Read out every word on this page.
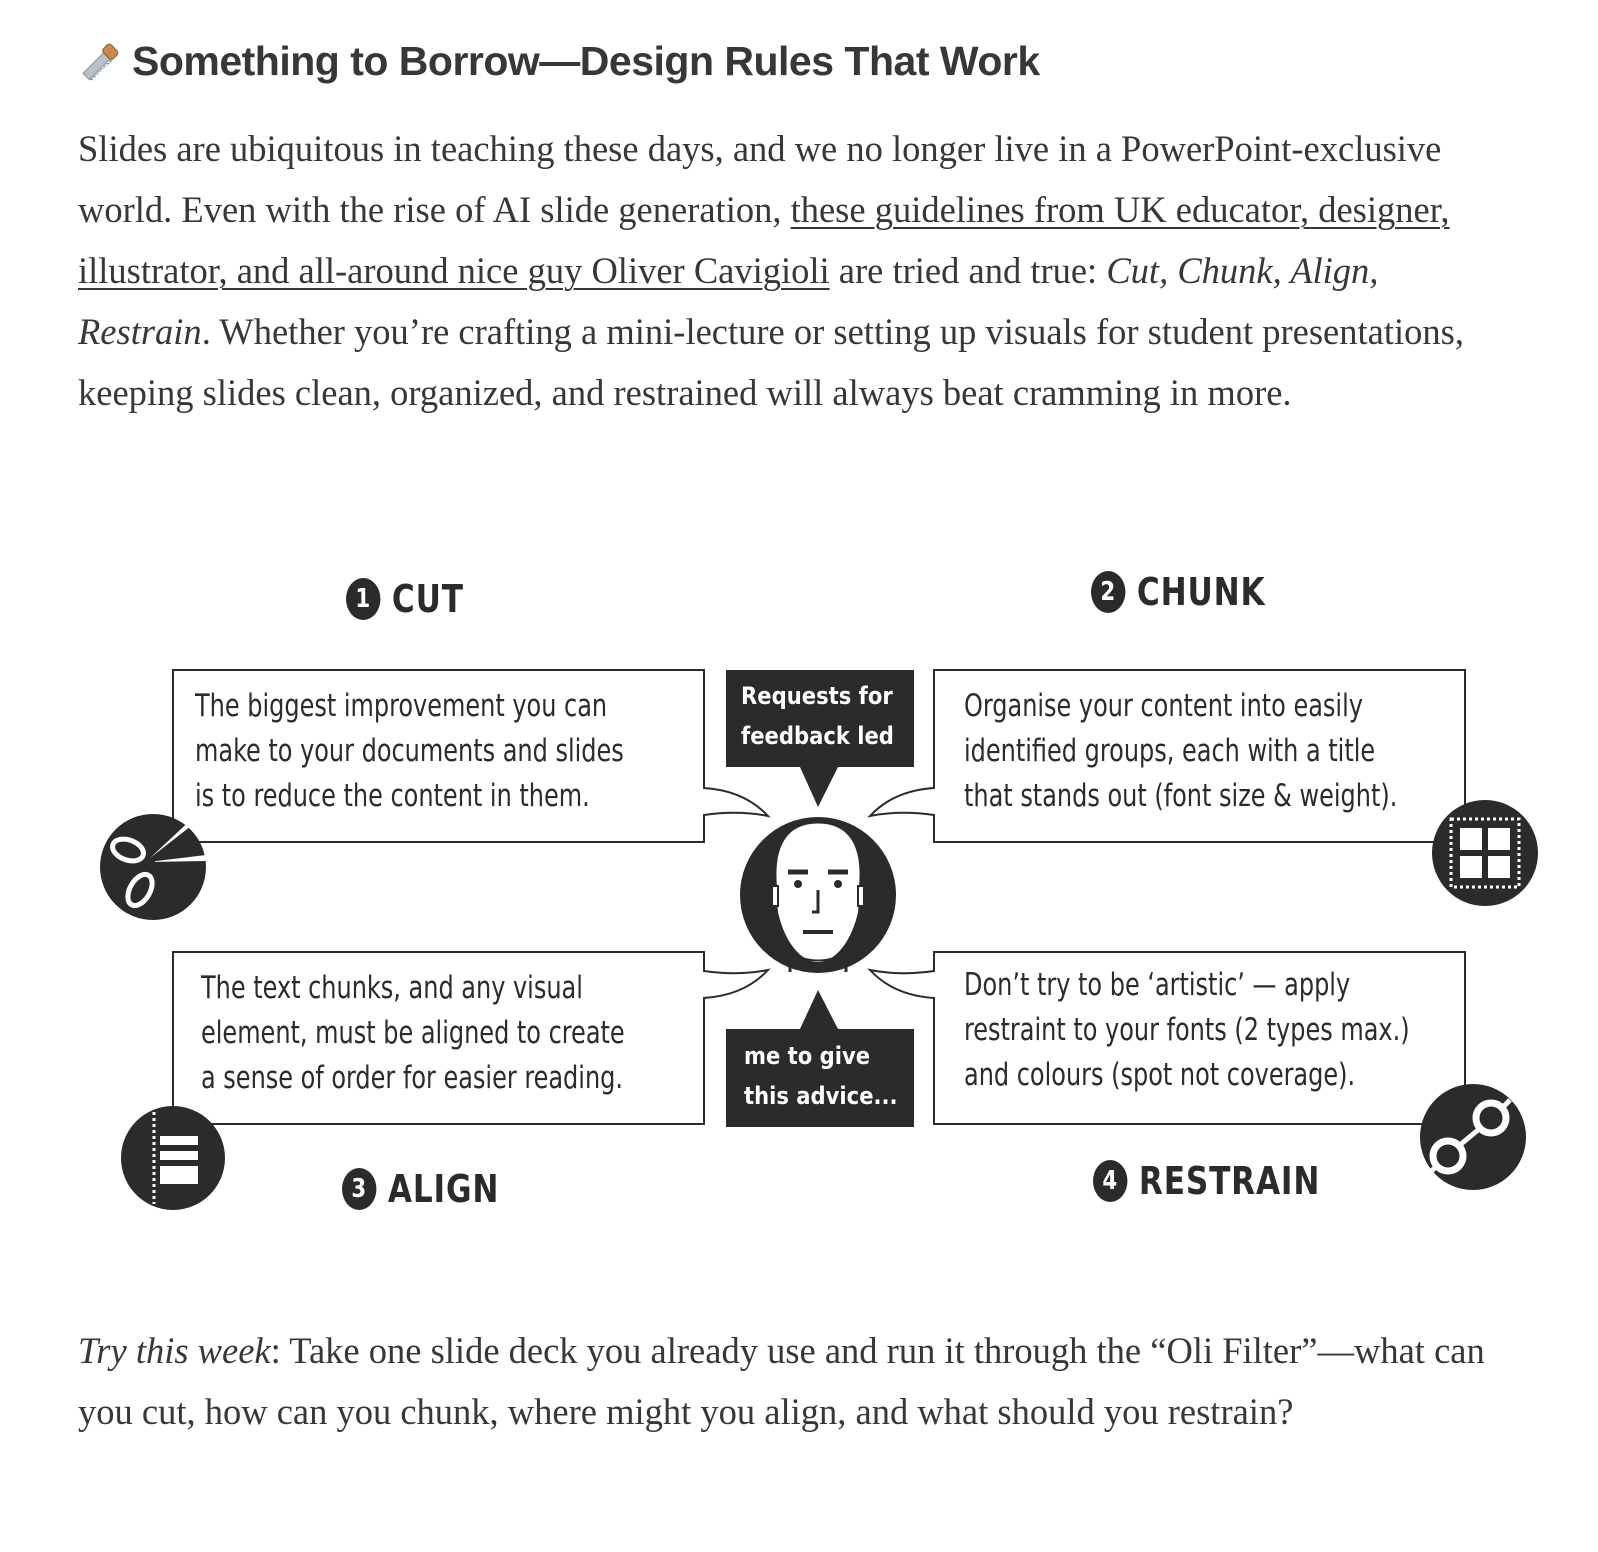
Something to Borrow—Design Rules That Work

Slides are ubiquitous in teaching these days, and we no longer live in a PowerPoint-exclusive world. Even with the rise of AI slide generation, these guidelines from UK educator, designer, illustrator, and all-around nice guy Oliver Cavigioli are tried and true: Cut, Chunk, Align, Restrain. Whether you’re crafting a mini-lecture or setting up visuals for student presentations, keeping slides clean, organized, and restrained will always beat cramming in more.

1 CUT	2 CHUNK
3 ALIGN	4 RESTRAIN

The biggest improvement you can
make to your documents and slides
is to reduce the content in them.

Organise your content into easily
identified groups, each with a title
that stands out (font size & weight).

The text chunks, and any visual
element, must be aligned to create
a sense of order for easier reading.

Don’t try to be ‘artistic’ — apply
restraint to your fonts (2 types max.)
and colours (spot not coverage).

Requests for
feedback led

me to give
this advice...

Try this week: Take one slide deck you already use and run it through the “Oli Filter”—what can you cut, how can you chunk, where might you align, and what should you restrain?
